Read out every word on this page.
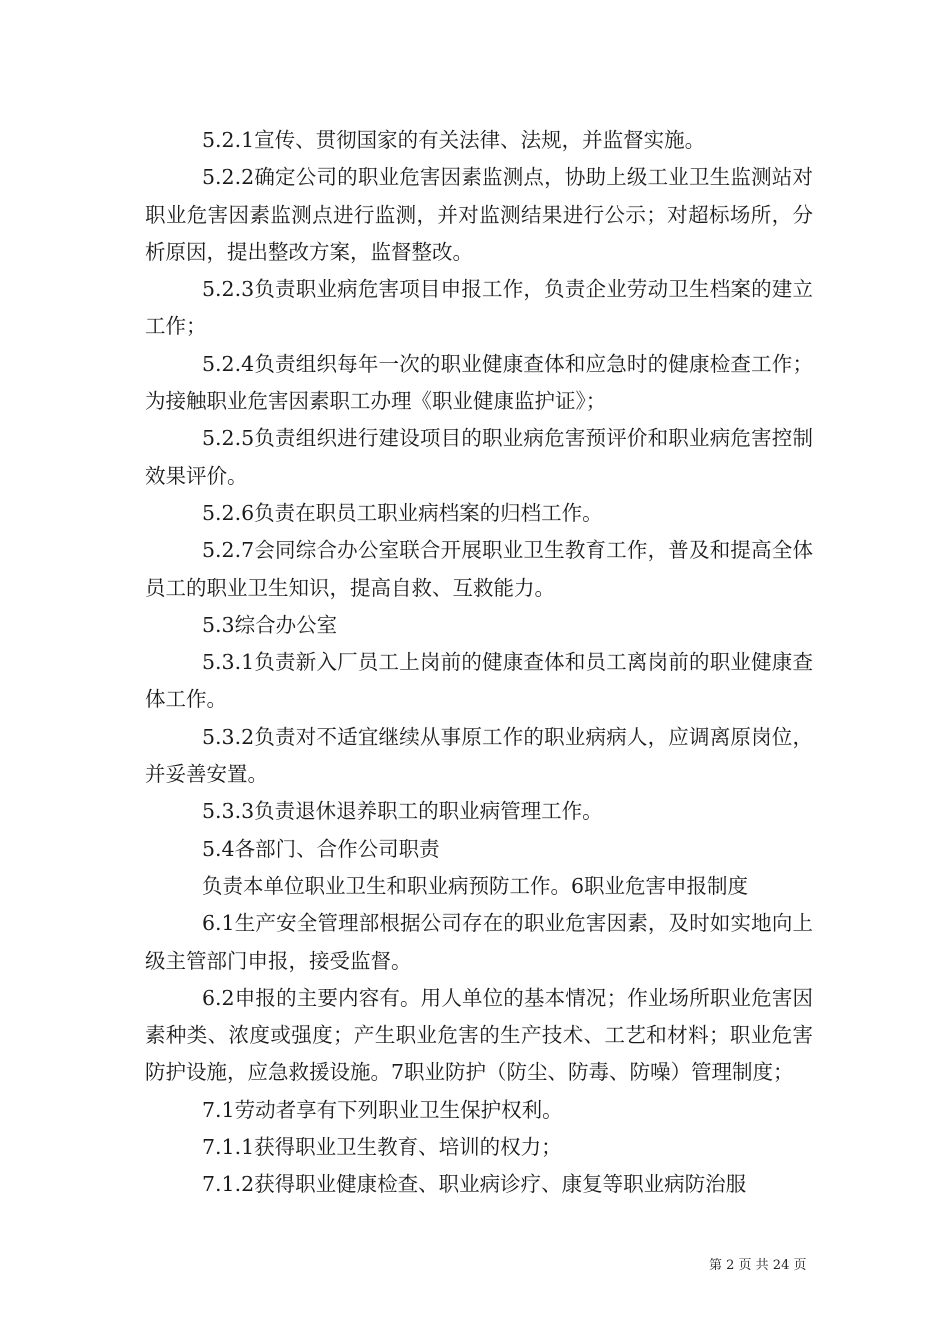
5.2.1宣传、贯彻国家的有关法律、法规，并监督实施。

5.2.2确定公司的职业危害因素监测点，协助上级工业卫生监测站对职业危害因素监测点进行监测，并对监测结果进行公示；对超标场所，分析原因，提出整改方案，监督整改。

5.2.3负责职业病危害项目申报工作，负责企业劳动卫生档案的建立工作；

5.2.4负责组织每年一次的职业健康查体和应急时的健康检查工作；为接触职业危害因素职工办理《职业健康监护证》；

5.2.5负责组织进行建设项目的职业病危害预评价和职业病危害控制效果评价。

5.2.6负责在职员工职业病档案的归档工作。

5.2.7会同综合办公室联合开展职业卫生教育工作，普及和提高全体员工的职业卫生知识，提高自救、互救能力。

5.3综合办公室

5.3.1负责新入厂员工上岗前的健康查体和员工离岗前的职业健康查体工作。

5.3.2负责对不适宜继续从事原工作的职业病病人，应调离原岗位，并妥善安置。

5.3.3负责退休退养职工的职业病管理工作。

5.4各部门、合作公司职责

负责本单位职业卫生和职业病预防工作。6职业危害申报制度

6.1生产安全管理部根据公司存在的职业危害因素，及时如实地向上级主管部门申报，接受监督。

6.2申报的主要内容有。用人单位的基本情况；作业场所职业危害因素种类、浓度或强度；产生职业危害的生产技术、工艺和材料；职业危害防护设施，应急救援设施。7职业防护（防尘、防毒、防噪）管理制度；

7.1劳动者享有下列职业卫生保护权利。

7.1.1获得职业卫生教育、培训的权力；

7.1.2获得职业健康检查、职业病诊疗、康复等职业病防治服

第 2 页 共 24 页
